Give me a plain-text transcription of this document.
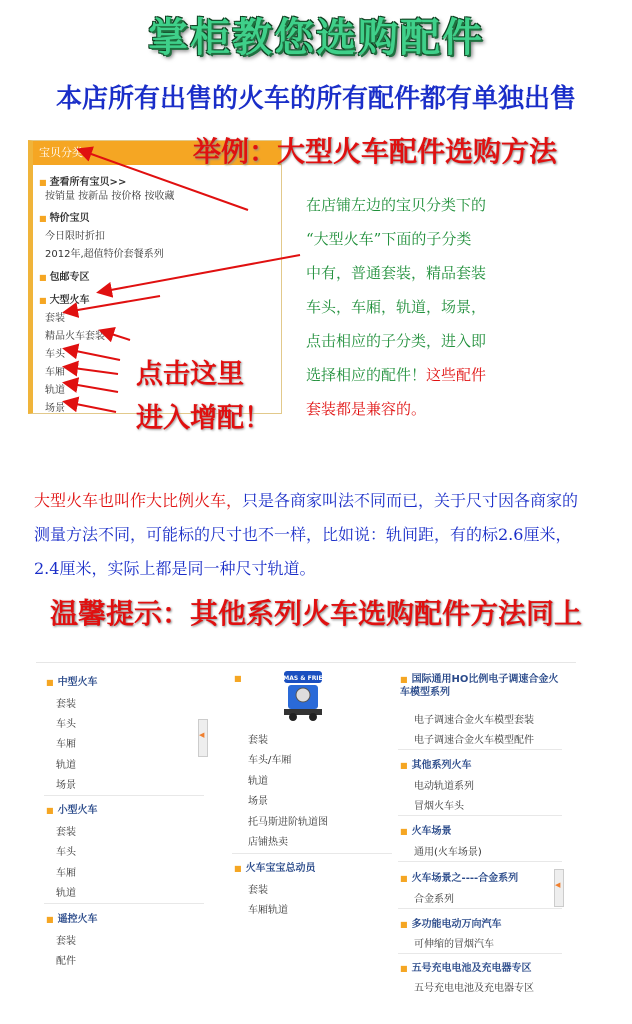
掌柜教您选购配件
本店所有出售的火车的所有配件都有单独出售
宝贝分类
■ 查看所有宝贝>>
按销量 按新品 按价格 按收藏
■ 特价宝贝
今日限时折扣
2012年,超值特价套餐系列
■ 包邮专区
■ 大型火车
套装
精品火车套装
车头
车厢
轨道
场景
举例：大型火车配件选购方法
在店铺左边的宝贝分类下的
“大型火车”下面的子分类
中有，普通套装，精品套装
车头，车厢，轨道，场景，
点击相应的子分类，进入即
选择相应的配件！这些配件
套装都是兼容的。
点击这里
进入增配！
大型火车也叫作大比例火车，只是各商家叫法不同而已，关于尺寸因各商家的测量方法不同，可能标的尺寸也不一样，比如说：轨间距，有的标2.6厘米，2.4厘米，实际上都是同一种尺寸轨道。
温馨提示：其他系列火车选购配件方法同上
■ 中型火车
套装
车头
车厢
轨道
场景
■ 小型火车
套装
车头
车厢
轨道
■ 遥控火车
套装
配件
◀
■
THOMAS & FRIENDS
套装
车头/车厢
轨道
场景
托马斯进阶轨道图
店铺热卖
■ 火车宝宝总动员
套装
车厢轨道
■ 国际通用HO比例电子调速合金火车模型系列
电子调速合金火车模型套装
电子调速合金火车模型配件
■ 其他系列火车
电动轨道系列
冒烟火车头
■ 火车场景
通用(火车场景)
■ 火车场景之----合金系列
合金系列
■ 多功能电动万向汽车
可伸缩的冒烟汽车
■ 五号充电电池及充电器专区
五号充电电池及充电器专区
◀
